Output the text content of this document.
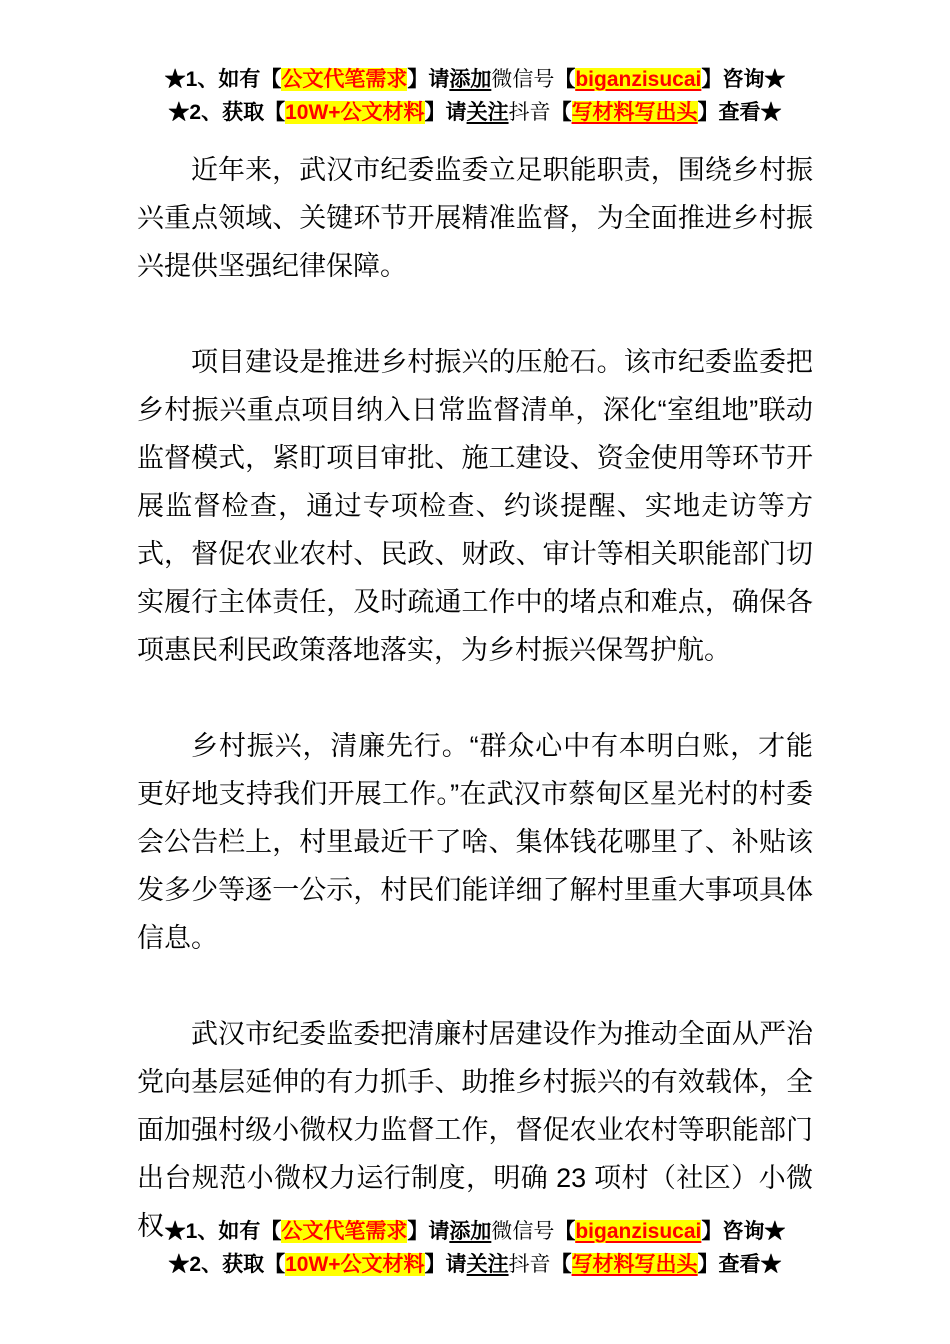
★1、如有【公文代笔需求】请添加微信号【biganzisucai】咨询★
★2、获取【10W+公文材料】请关注抖音【写材料写出头】查看★

近年来，武汉市纪委监委立足职能职责，围绕乡村振兴重点领域、关键环节开展精准监督，为全面推进乡村振兴提供坚强纪律保障。

项目建设是推进乡村振兴的压舱石。该市纪委监委把乡村振兴重点项目纳入日常监督清单，深化“室组地”联动监督模式，紧盯项目审批、施工建设、资金使用等环节开展监督检查，通过专项检查、约谈提醒、实地走访等方式，督促农业农村、民政、财政、审计等相关职能部门切实履行主体责任，及时疏通工作中的堵点和难点，确保各项惠民利民政策落地落实，为乡村振兴保驾护航。

乡村振兴，清廉先行。“群众心中有本明白账，才能更好地支持我们开展工作。”在武汉市蔡甸区星光村的村委会公告栏上，村里最近干了啥、集体钱花哪里了、补贴该发多少等逐一公示，村民们能详细了解村里重大事项具体信息。

武汉市纪委监委把清廉村居建设作为推动全面从严治党向基层延伸的有力抓手、助推乡村振兴的有效载体，全面加强村级小微权力监督工作，督促农业农村等职能部门出台规范小微权力运行制度，明确 23 项村（社区）小微权 ★1、如有【公文代笔需求】请添加微信号【biganzisucai】咨询★
★2、获取【10W+公文材料】请关注抖音【写材料写出头】查看★
